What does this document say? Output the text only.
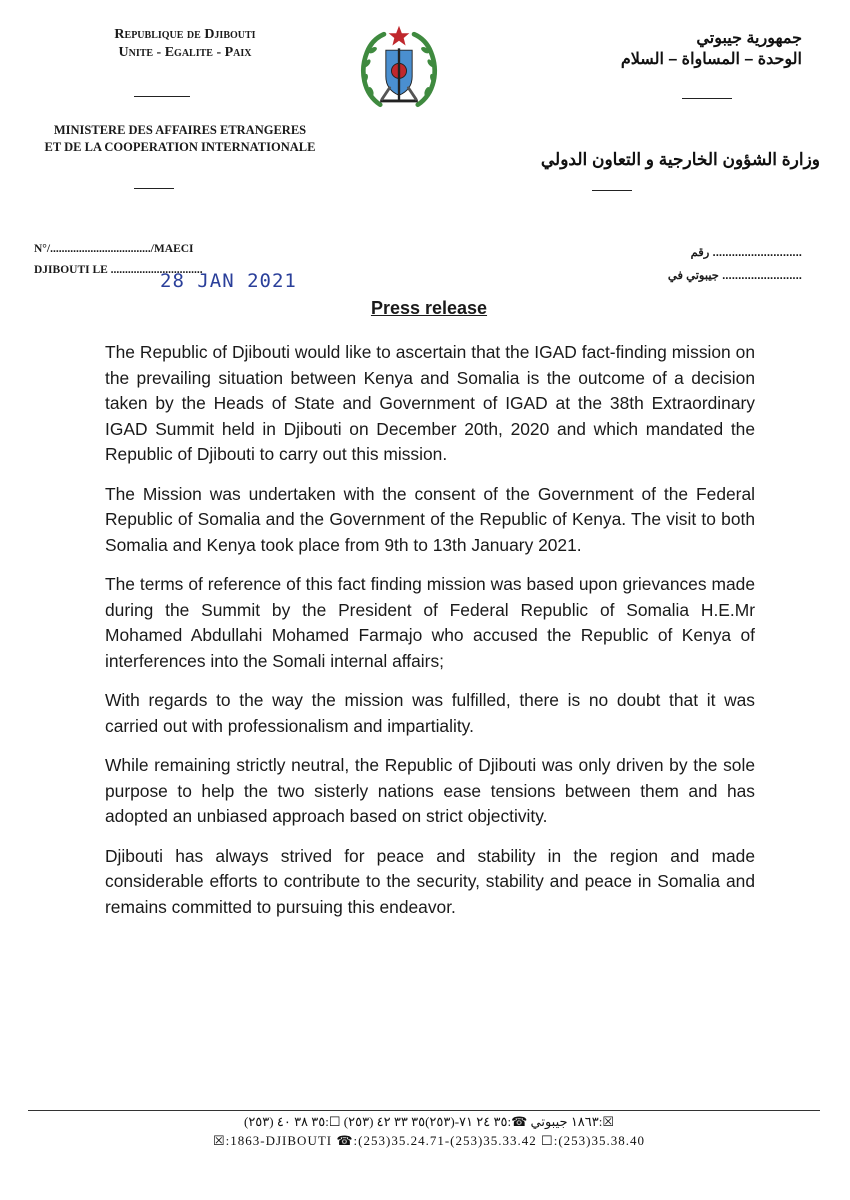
Republique de Djibouti
Unite - Egalite - Paix
MINISTERE DES AFFAIRES ETRANGERES
ET DE LA COOPERATION INTERNATIONALE
جمهورية جيبوتي
الوحدة – المساواة – السلام
وزارة الشؤون الخارجية و التعاون الدولي
N°/.................................../MAECI
DJIBOUTI LE ................................
28 JAN 2021
............................ رقم
......................... جيبوتي في
Press release

The Republic of Djibouti would like to ascertain that the IGAD fact-finding mission on the prevailing situation between Kenya and Somalia is the outcome of a decision taken by the Heads of State and Government of IGAD at the 38th Extraordinary IGAD Summit held in Djibouti on December 20th, 2020 and which mandated the Republic of Djibouti to carry out this mission.

The Mission was undertaken with the consent of the Government of the Federal Republic of Somalia and the Government of the Republic of Kenya. The visit to both Somalia and Kenya took place from 9th to 13th January 2021.

The terms of reference of this fact finding mission was based upon grievances made during the Summit by the President of Federal Republic of Somalia H.E.Mr Mohamed Abdullahi Mohamed Farmajo who accused the Republic of Kenya of interferences into the Somali internal affairs;

With regards to the way the mission was fulfilled, there is no doubt that it was carried out with professionalism and impartiality.

While remaining strictly neutral, the Republic of Djibouti was only driven by the sole purpose to help the two sisterly nations ease tensions between them and has adopted an unbiased approach based on strict objectivity.

Djibouti has always strived for peace and stability in the region and made considerable efforts to contribute to the security, stability and peace in Somalia and remains committed to pursuing this endeavor.

☒:١٨٦٣ جيبوتي ☎:٣٥ ٢٤ ٧١-(٢٥٣)٣٥ ٣٣ ٤٢ (٢٥٣) ☐:٣٥ ٣٨ ٤٠ (٢٥٣)
☒:1863-DJIBOUTI ☎:(253)35.24.71-(253)35.33.42 ☐:(253)35.38.40
